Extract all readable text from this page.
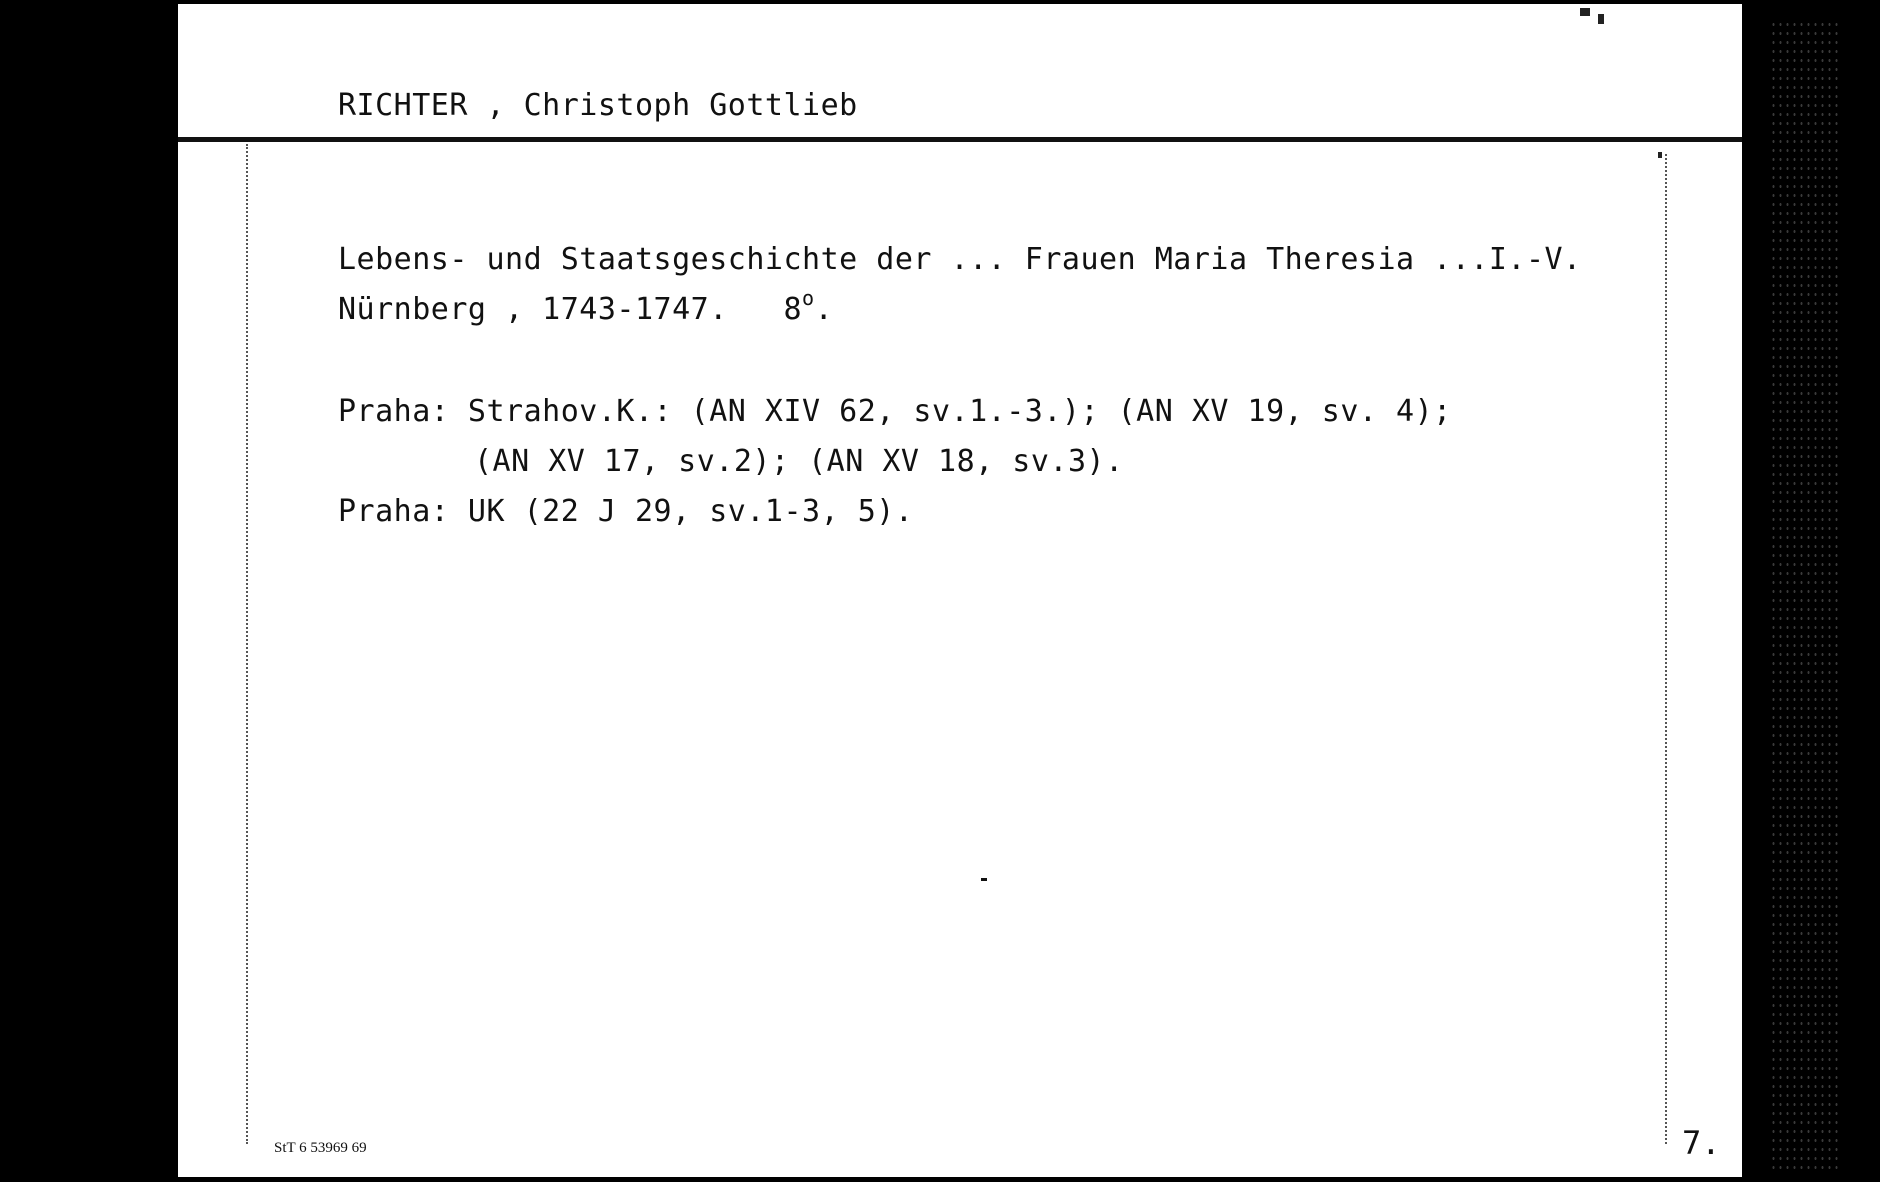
RICHTER , Christoph Gottlieb
Lebens- und Staatsgeschichte der ... Frauen Maria Theresia ...I.-V.
Nürnberg , 1743-1747.   8$^o$.
Praha: Strahov.K.: (AN XIV 62, sv.1.-3.); (AN XV 19, sv. 4);
(AN XV 17, sv.2); (AN XV 18, sv.3).
Praha: UK (22 J 29, sv.1-3, 5).
StT 6 53969 69	7.
